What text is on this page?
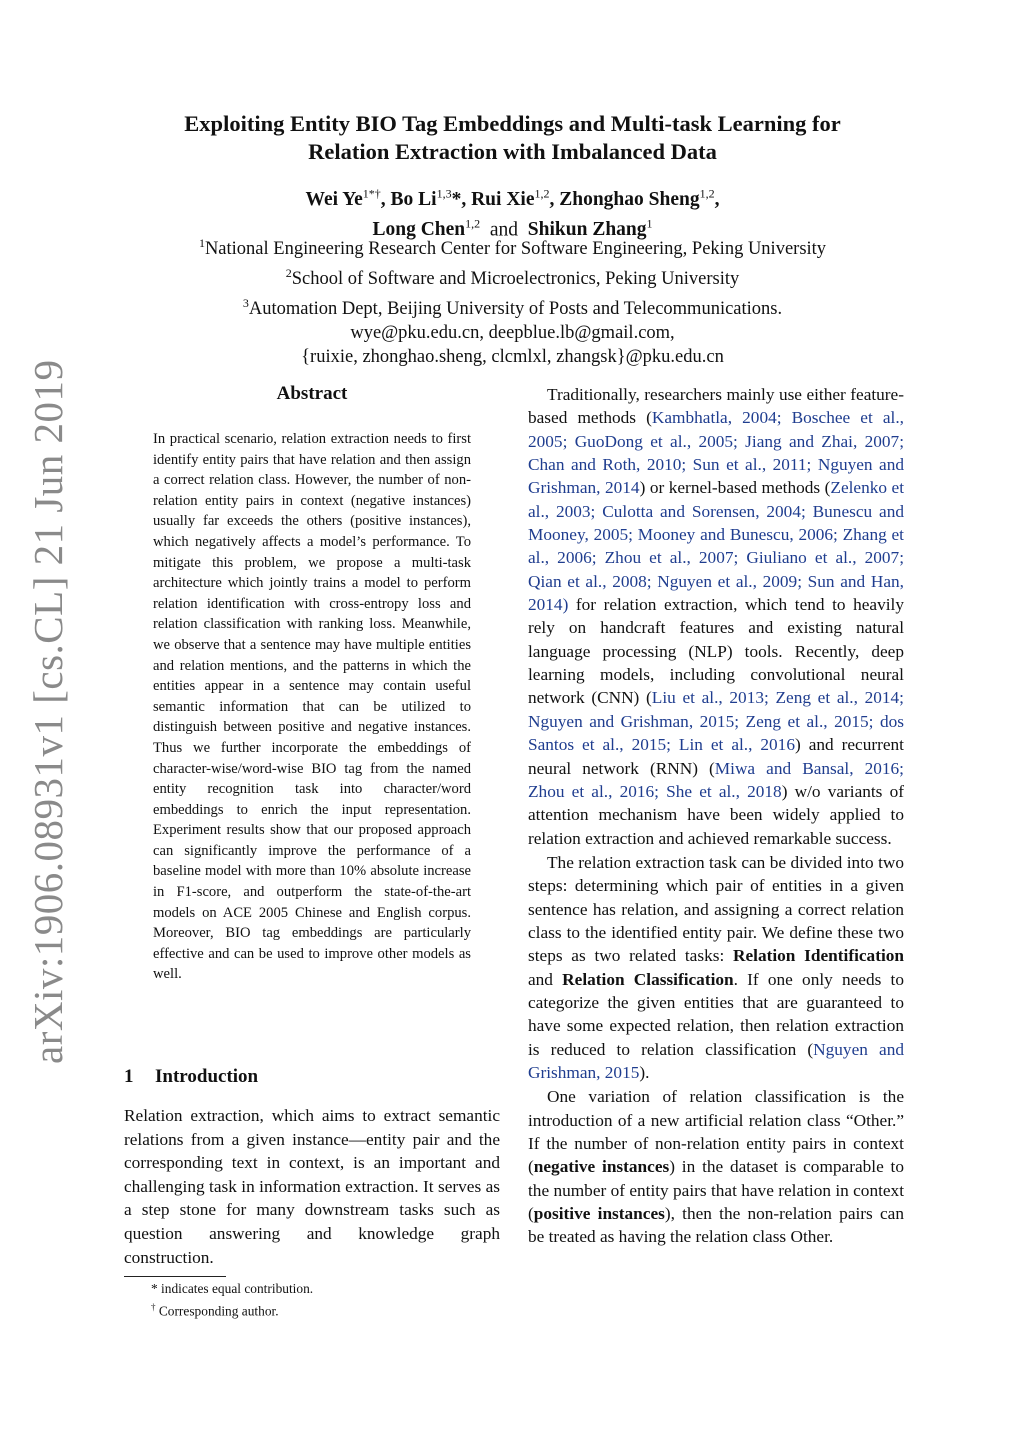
arXiv:1906.08931v1 [cs.CL] 21 Jun 2019
Exploiting Entity BIO Tag Embeddings and Multi-task Learning for
Relation Extraction with Imbalanced Data
Wei $Ye^{1*\dagger}$, Bo Li$^{1,3}$*, Rui Xie$^{1,2}$, Zhonghao Sheng$^{1,2}$,
Long Chen$^{1,2}$ and Shikun Zhang$^1$
$^1$National Engineering Research Center for Software Engineering, Peking University
$^2$School of Software and Microelectronics, Peking University
$^3$Automation Dept, Beijing University of Posts and Telecommunications.
wye@pku.edu.cn, deepblue.lb@gmail.com,
{ruixie, zhonghao.sheng, clcmlxl, zhangsk}@pku.edu.cn
Abstract
In practical scenario, relation extraction needs to first identify entity pairs that have relation and then assign a correct relation class. However, the number of non-relation entity pairs in context (negative instances) usually far exceeds the others (positive instances), which negatively affects a model’s performance. To mitigate this problem, we propose a multi-task architecture which jointly trains a model to perform relation identification with cross-entropy loss and relation classification with ranking loss. Meanwhile, we observe that a sentence may have multiple entities and relation mentions, and the patterns in which the entities appear in a sentence may contain useful semantic information that can be utilized to distinguish between positive and negative instances. Thus we further incorporate the embeddings of character-wise/word-wise BIO tag from the named entity recognition task into character/word embeddings to enrich the input representation. Experiment results show that our proposed approach can significantly improve the performance of a baseline model with more than 10% absolute increase in F1-score, and outperform the state-of-the-art models on ACE 2005 Chinese and English corpus. Moreover, BIO tag embeddings are particularly effective and can be used to improve other models as well.
1 Introduction
Relation extraction, which aims to extract semantic relations from a given instance—entity pair and the corresponding text in context, is an important and challenging task in information extraction. It serves as a step stone for many downstream tasks such as question answering and knowledge graph construction.
* indicates equal contribution.
† Corresponding author.

Traditionally, researchers mainly use either feature-based methods (Kambhatla, 2004; Boschee et al., 2005; GuoDong et al., 2005; Jiang and Zhai, 2007; Chan and Roth, 2010; Sun et al., 2011; Nguyen and Grishman, 2014) or kernel-based methods (Zelenko et al., 2003; Culotta and Sorensen, 2004; Bunescu and Mooney, 2005; Mooney and Bunescu, 2006; Zhang et al., 2006; Zhou et al., 2007; Giuliano et al., 2007; Qian et al., 2008; Nguyen et al., 2009; Sun and Han, 2014) for relation extraction, which tend to heavily rely on handcraft features and existing natural language processing (NLP) tools. Recently, deep learning models, including convolutional neural network (CNN) (Liu et al., 2013; Zeng et al., 2014; Nguyen and Grishman, 2015; Zeng et al., 2015; dos Santos et al., 2015; Lin et al., 2016) and recurrent neural network (RNN) (Miwa and Bansal, 2016; Zhou et al., 2016; She et al., 2018) w/o variants of attention mechanism have been widely applied to relation extraction and achieved remarkable success.

The relation extraction task can be divided into two steps: determining which pair of entities in a given sentence has relation, and assigning a correct relation class to the identified entity pair. We define these two steps as two related tasks: Relation Identification and Relation Classification. If one only needs to categorize the given entities that are guaranteed to have some expected relation, then relation extraction is reduced to relation classification (Nguyen and Grishman, 2015).

One variation of relation classification is the introduction of a new artificial relation class “Other.” If the number of non-relation entity pairs in context (negative instances) in the dataset is comparable to the number of entity pairs that have relation in context (positive instances), then the non-relation pairs can be treated as having the relation class Other.
